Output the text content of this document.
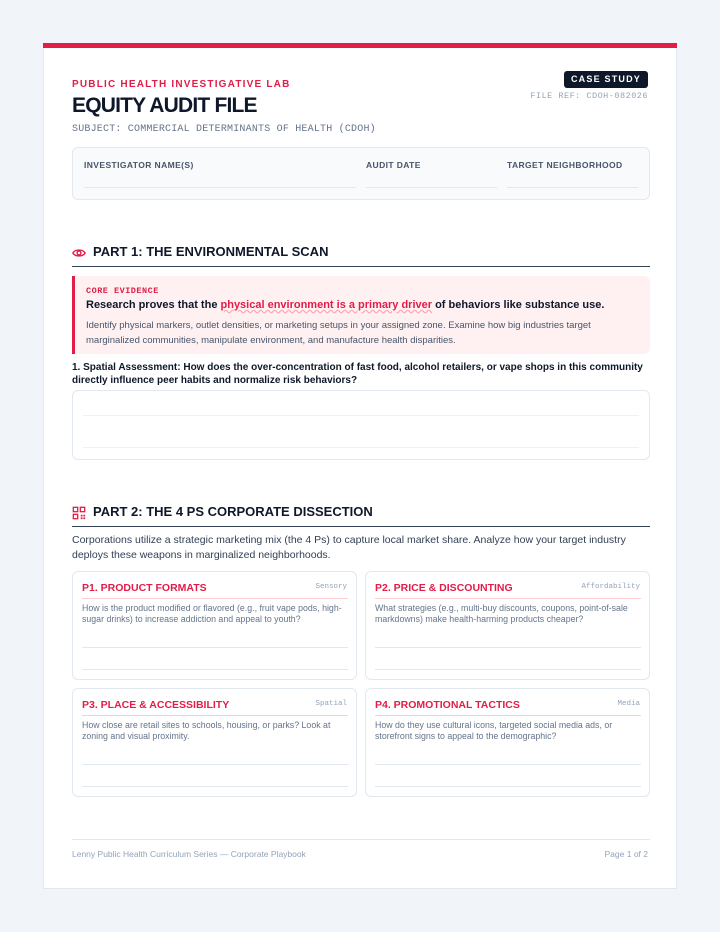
PUBLIC HEALTH INVESTIGATIVE LAB
EQUITY AUDIT FILE
SUBJECT: COMMERCIAL DETERMINANTS OF HEALTH (CDOH)
CASE STUDY
FILE REF: CDOH-082026
INVESTIGATOR NAME(S)	AUDIT DATE	TARGET NEIGHBORHOOD
PART 1: THE ENVIRONMENTAL SCAN
CORE EVIDENCE
Research proves that the physical environment is a primary driver of behaviors like substance use.
Identify physical markers, outlet densities, or marketing setups in your assigned zone. Examine how big industries target marginalized communities, manipulate environment, and manufacture health disparities.
1. Spatial Assessment: How does the over-concentration of fast food, alcohol retailers, or vape shops in this community directly influence peer habits and normalize risk behaviors?
PART 2: THE 4 PS CORPORATE DISSECTION
Corporations utilize a strategic marketing mix (the 4 Ps) to capture local market share. Analyze how your target industry deploys these weapons in marginalized neighborhoods.
P1. PRODUCT FORMATS	Sensory
How is the product modified or flavored (e.g., fruit vape pods, high-sugar drinks) to increase addiction and appeal to youth?
P2. PRICE & DISCOUNTING	Affordability
What strategies (e.g., multi-buy discounts, coupons, point-of-sale markdowns) make health-harming products cheaper?
P3. PLACE & ACCESSIBILITY	Spatial
How close are retail sites to schools, housing, or parks? Look at zoning and visual proximity.
P4. PROMOTIONAL TACTICS	Media
How do they use cultural icons, targeted social media ads, or storefront signs to appeal to the demographic?
Lenny Public Health Curriculum Series — Corporate Playbook	Page 1 of 2
